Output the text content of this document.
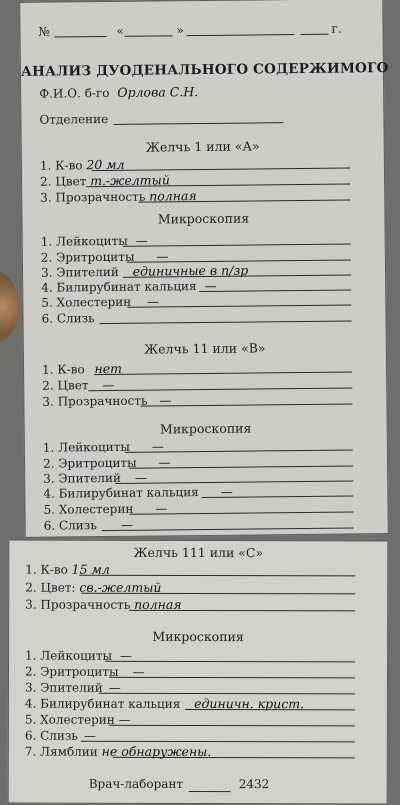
№	«	»	г.
АНАЛИЗ ДУОДЕНАЛЬНОГО СОДЕРЖИМОГО
Ф.И.О. б-го Орлова С.Н.
Отделение
Желчь 1 или «А»
1. К-во 20 мл
2. Цвет т.-желтый
3. Прозрачность полная
Микроскопия
1. Лейкоциты —
2. Эритроциты —
3. Эпителий единичные в п/зр
4. Билирубинат кальция —
5. Холестерин —
6. Слизь
Желчь 11 или «В»
1. К-во нет
2. Цвет —
3. Прозрачность —
Микроскопия
1. Лейкоциты —
2. Эритроциты —
3. Эпителий —
4. Билирубинат кальция —
5. Холестерин —
6. Слизь —
Желчь 111 или «С»
1. К-во 15 мл
2. Цвет: св.-желтый
3. Прозрачность полная
Микроскопия
1. Лейкоциты —
2. Эритроциты —
3. Эпителий —
4. Билирубинат кальция единичн. крист.
5. Холестерин —
6. Слизь —
7. Лямблии не обнаружены.
Врач-лаборант	2432
